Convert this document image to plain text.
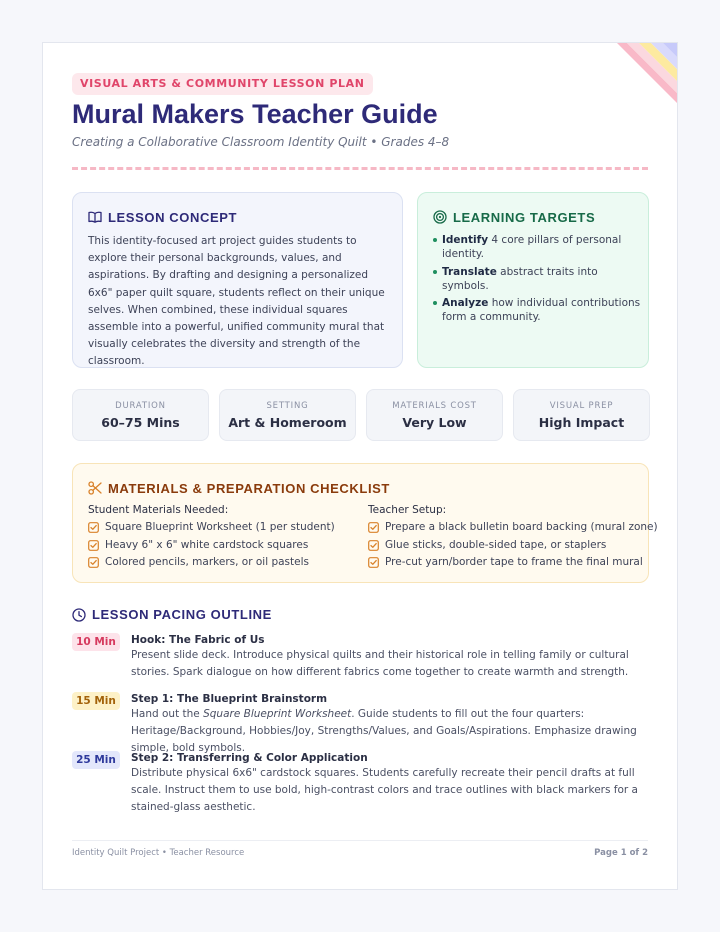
VISUAL ARTS & COMMUNITY LESSON PLAN
Mural Makers Teacher Guide
Creating a Collaborative Classroom Identity Quilt • Grades 4–8
LESSON CONCEPT

This identity-focused art project guides students to explore their personal backgrounds, values, and aspirations. By drafting and designing a personalized 6x6" paper quilt square, students reflect on their unique selves. When combined, these individual squares assemble into a powerful, unified community mural that visually celebrates the diversity and strength of the classroom.

LEARNING TARGETS
Identify 4 core pillars of personal identity.
Translate abstract traits into symbols.
Analyze how individual contributions form a community.
DURATION
60–75 Mins
SETTING
Art & Homeroom
MATERIALS COST
Very Low
VISUAL PREP
High Impact
MATERIALS & PREPARATION CHECKLIST
Student Materials Needed:
Square Blueprint Worksheet (1 per student)
Heavy 6" x 6" white cardstock squares
Colored pencils, markers, or oil pastels
Teacher Setup:
Prepare a black bulletin board backing (mural zone)
Glue sticks, double-sided tape, or staplers
Pre-cut yarn/border tape to frame the final mural
LESSON PACING OUTLINE
10 Min	Hook: The Fabric of Us
Present slide deck. Introduce physical quilts and their historical role in telling family or cultural stories. Spark dialogue on how different fabrics come together to create warmth and strength.
15 Min	Step 1: The Blueprint Brainstorm
Hand out the Square Blueprint Worksheet. Guide students to fill out the four quarters: Heritage/Background, Hobbies/Joy, Strengths/Values, and Goals/Aspirations. Emphasize drawing simple, bold symbols.
25 Min	Step 2: Transferring & Color Application
Distribute physical 6x6" cardstock squares. Students carefully recreate their pencil drafts at full scale. Instruct them to use bold, high-contrast colors and trace outlines with black markers for a stained-glass aesthetic.
Identity Quilt Project • Teacher Resource	Page 1 of 2
